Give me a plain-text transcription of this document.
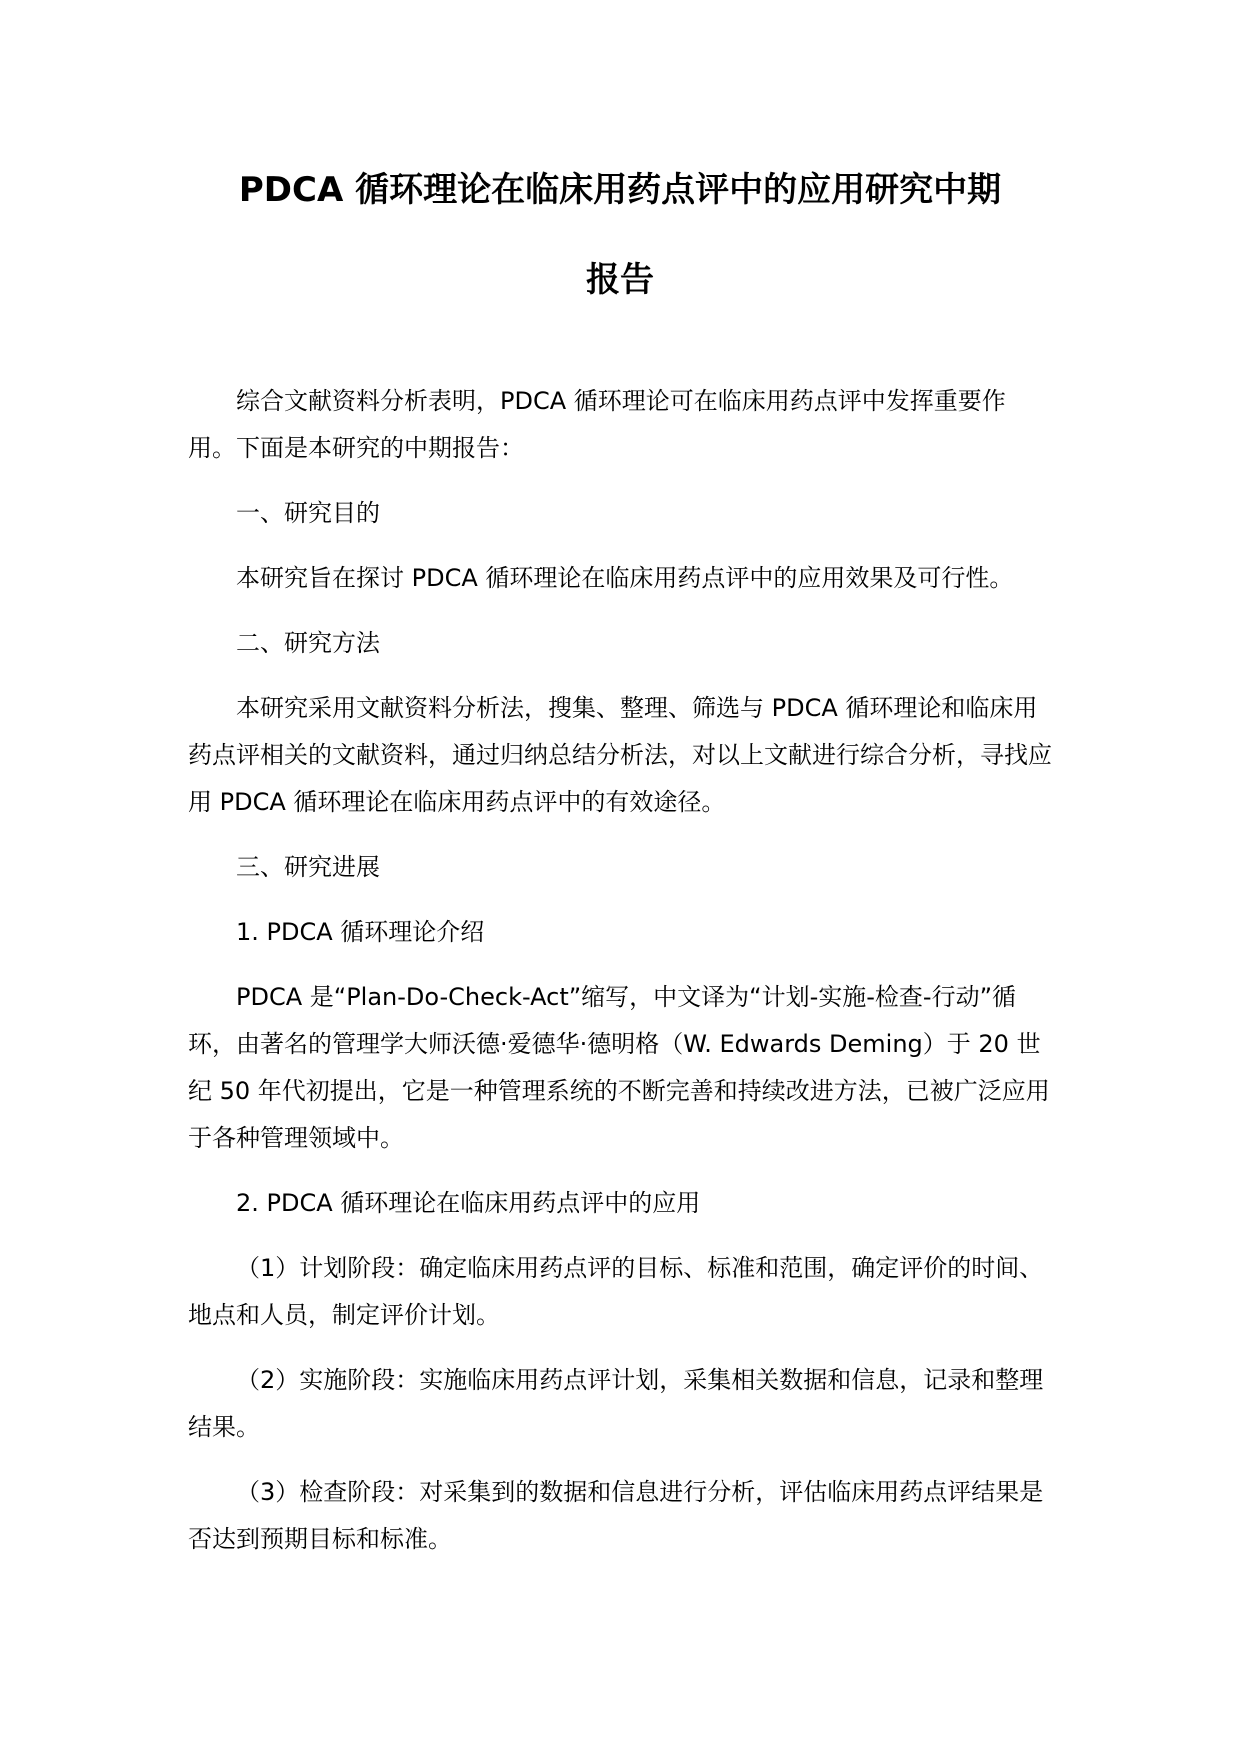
PDCA 循环理论在临床用药点评中的应用研究中期
报告

综合文献资料分析表明，PDCA 循环理论可在临床用药点评中发挥重要作用。下面是本研究的中期报告：

一、研究目的

本研究旨在探讨 PDCA 循环理论在临床用药点评中的应用效果及可行性。

二、研究方法

本研究采用文献资料分析法，搜集、整理、筛选与 PDCA 循环理论和临床用药点评相关的文献资料，通过归纳总结分析法，对以上文献进行综合分析，寻找应用 PDCA 循环理论在临床用药点评中的有效途径。

三、研究进展

1. PDCA 循环理论介绍

PDCA 是“Plan-Do-Check-Act”缩写，中文译为“计划-实施-检查-行动”循环，由著名的管理学大师沃德·爱德华·德明格（W. Edwards Deming）于 20 世纪 50 年代初提出，它是一种管理系统的不断完善和持续改进方法，已被广泛应用于各种管理领域中。

2. PDCA 循环理论在临床用药点评中的应用

（1）计划阶段：确定临床用药点评的目标、标准和范围，确定评价的时间、地点和人员，制定评价计划。

（2）实施阶段：实施临床用药点评计划，采集相关数据和信息，记录和整理结果。

（3）检查阶段：对采集到的数据和信息进行分析，评估临床用药点评结果是否达到预期目标和标准。
